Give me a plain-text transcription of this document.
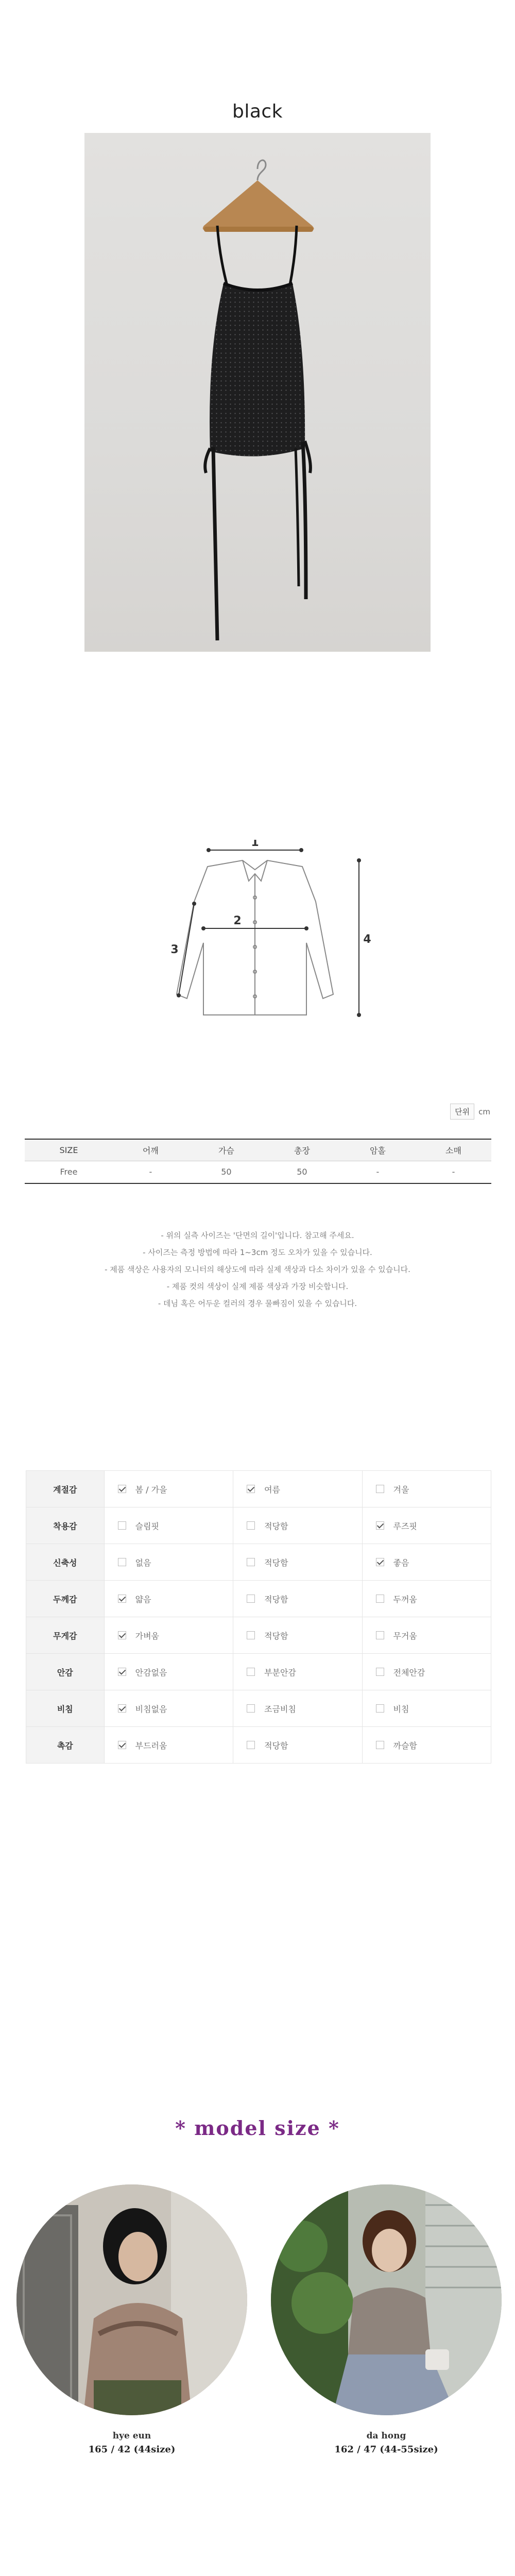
black
1
2
3
4
단위	cm
SIZE	어깨	가슴	총장	암홀	소매
Free	-	50	50	-	-
- 위의 실측 사이즈는 '단면의 길이'입니다. 참고해 주세요.
- 사이즈는 측정 방법에 따라 1~3cm 정도 오차가 있을 수 있습니다.
- 제품 색상은 사용자의 모니터의 해상도에 따라 실제 색상과 다소 차이가 있을 수 있습니다.
- 제품 컷의 색상이 실제 제품 색상과 가장 비슷합니다.
- 데님 혹은 어두운 컬러의 경우 물빠짐이 있을 수 있습니다.
계절감	봄 / 가을	여름	겨울
착용감	슬림핏	적당함	루즈핏
신축성	없음	적당함	좋음
두께감	얇음	적당함	두꺼움
무게감	가벼움	적당함	무거움
안감	안감없음	부분안감	전체안감
비침	비침없음	조금비침	비침
촉감	부드러움	적당함	까슬함
* model size *
hye eun
165 / 42 (44size)
da hong
162 / 47 (44-55size)
